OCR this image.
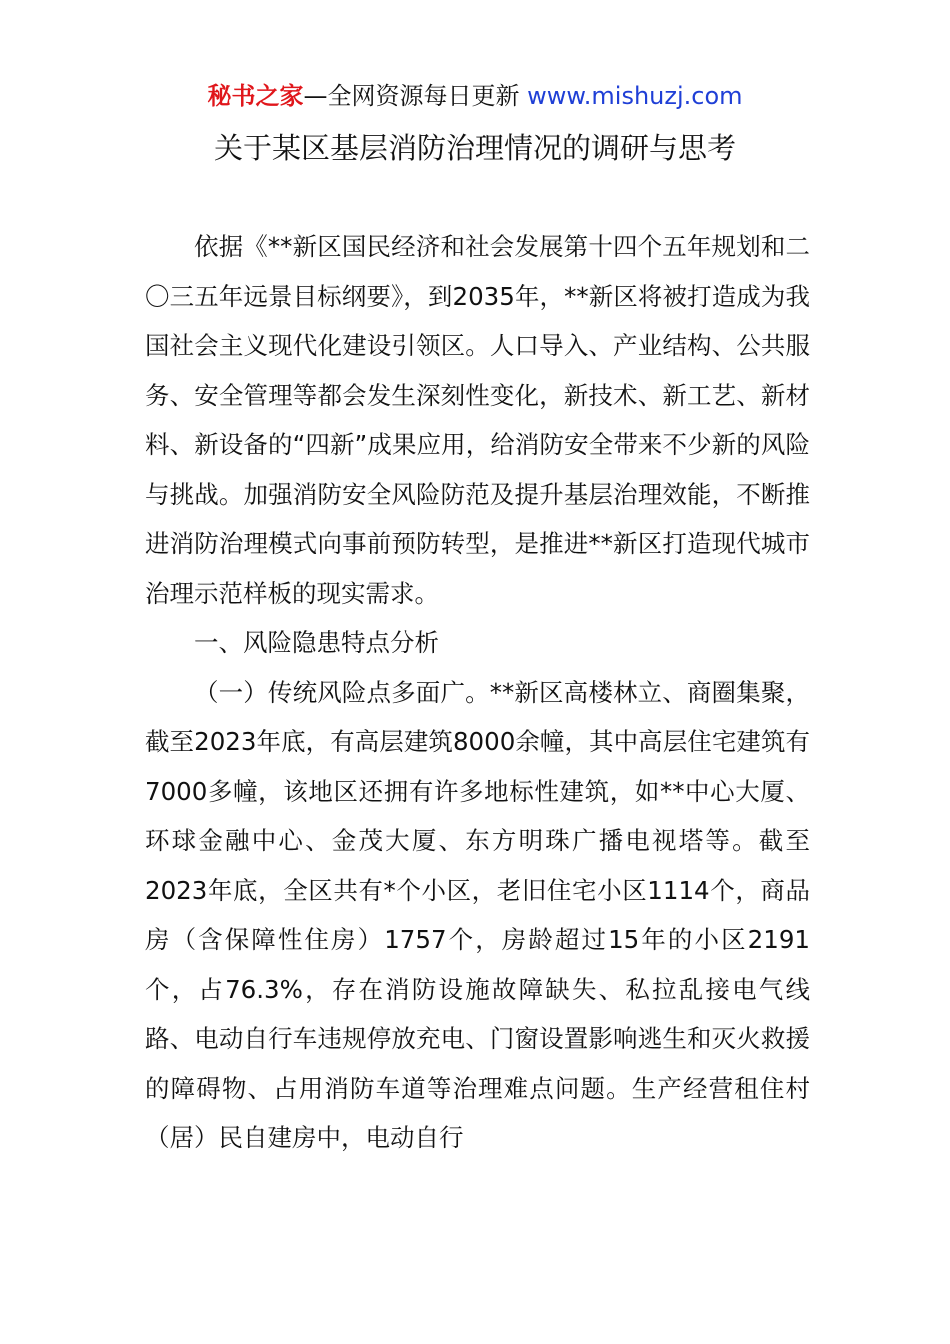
秘书之家—全网资源每日更新 www.mishuzj.com
关于某区基层消防治理情况的调研与思考

依据《**新区国民经济和社会发展第十四个五年规划和二〇三五年远景目标纲要》，到2035年，**新区将被打造成为我国社会主义现代化建设引领区。人口导入、产业结构、公共服务、安全管理等都会发生深刻性变化，新技术、新工艺、新材料、新设备的“四新”成果应用，给消防安全带来不少新的风险与挑战。加强消防安全风险防范及提升基层治理效能，不断推进消防治理模式向事前预防转型，是推进**新区打造现代城市治理示范样板的现实需求。

一、风险隐患特点分析

（一）传统风险点多面广。**新区高楼林立、商圈集聚，截至2023年底，有高层建筑8000余幢，其中高层住宅建筑有7000多幢，该地区还拥有许多地标性建筑，如**中心大厦、环球金融中心、金茂大厦、东方明珠广播电视塔等。截至2023年底，全区共有*个小区，老旧住宅小区1114个，商品房（含保障性住房）1757个，房龄超过15年的小区2191个，占76.3%，存在消防设施故障缺失、私拉乱接电气线路、电动自行车违规停放充电、门窗设置影响逃生和灭火救援的障碍物、占用消防车道等治理难点问题。生产经营租住村（居）民自建房中，电动自行
